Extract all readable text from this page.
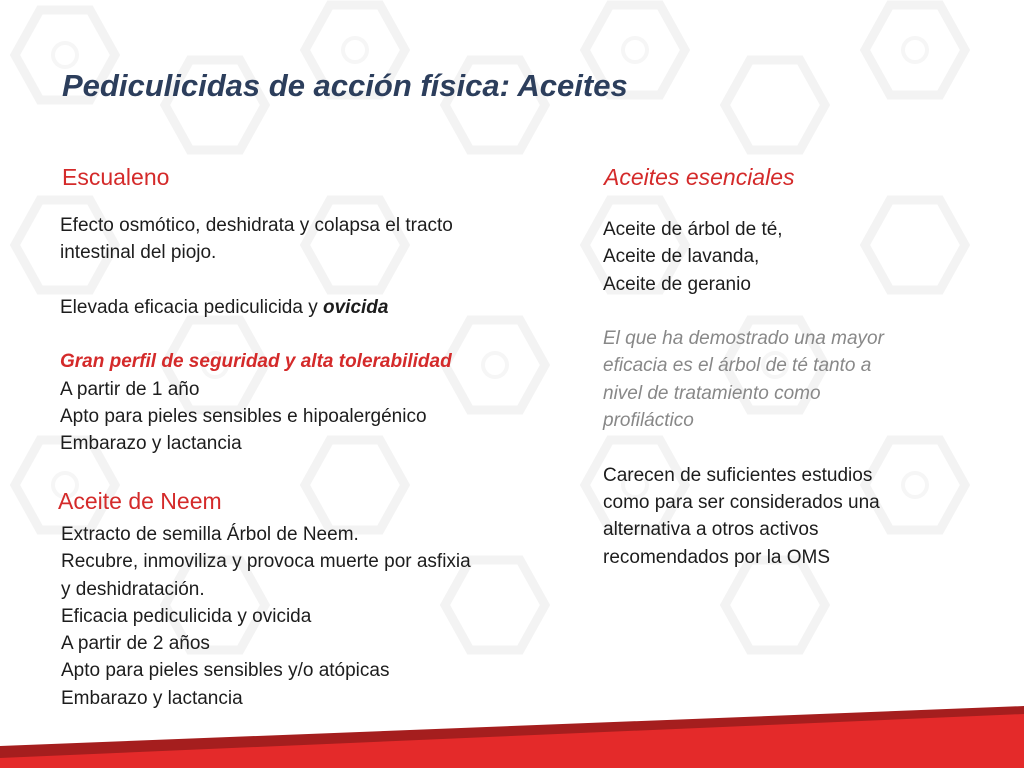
Pediculicidas de acción física: Aceites
Escualeno
Efecto osmótico, deshidrata y colapsa el tracto
intestinal del piojo.
Elevada eficacia pediculicida y ovicida
Gran perfil de seguridad y alta tolerabilidad
A partir de 1 año
Apto para pieles sensibles e hipoalergénico
Embarazo y lactancia
Aceite de Neem
Extracto de semilla Árbol de Neem.
Recubre, inmoviliza y provoca muerte por asfixia
y deshidratación.
Eficacia pediculicida y ovicida
A partir de 2 años
Apto para pieles sensibles y/o atópicas
Embarazo y lactancia
Aceites esenciales
Aceite de árbol de té,
Aceite de lavanda,
Aceite de geranio
El que ha demostrado una mayor
eficacia es el árbol de té tanto a
nivel de tratamiento como
profiláctico
Carecen de suficientes estudios
como para ser considerados una
alternativa a otros activos
recomendados por la OMS
